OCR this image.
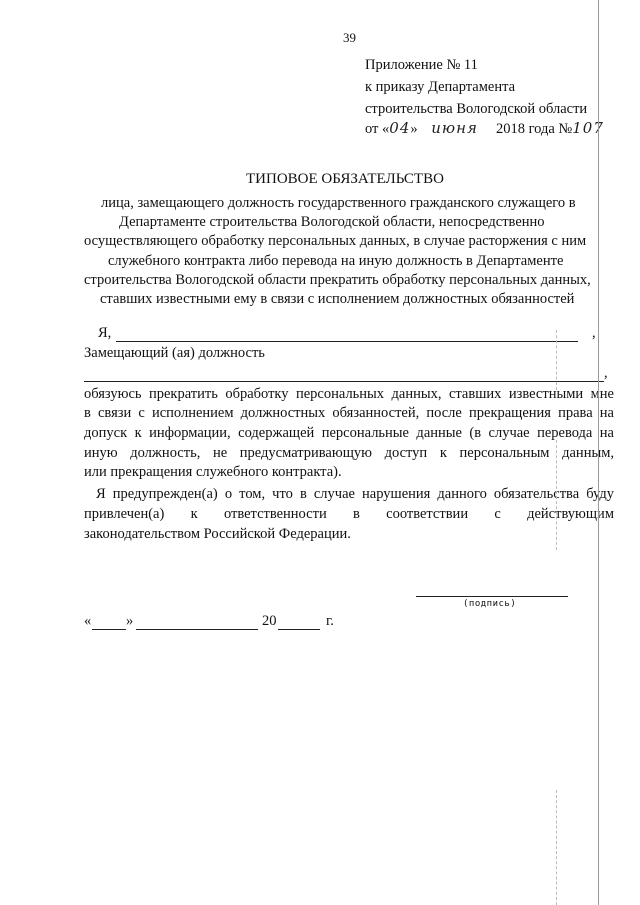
39
Приложение № 11
к приказу Департамента
строительства Вологодской области
от «04» июня 2018 года №107
ТИПОВОЕ ОБЯЗАТЕЛЬСТВО
лица, замещающего должность государственного гражданского служащего в
Департаменте строительства Вологодской области, непосредственно
осуществляющего обработку персональных данных, в случае расторжения с ним
служебного контракта либо перевода на иную должность в Департаменте
строительства Вологодской области прекратить обработку персональных данных,
ставших известными ему в связи с исполнением должностных обязанностей
Я,	,
Замещающий (ая) должность
,
обязуюсь прекратить обработку персональных данных, ставших известными мне
в связи с исполнением должностных обязанностей, после прекращения права на
допуск к информации, содержащей персональные данные (в случае перевода на
иную должность, не предусматривающую доступ к персональным данным,
или прекращения служебного контракта).
Я предупрежден(а) о том, что в случае нарушения данного обязательства буду
привлечен(а) к ответственности в соответствии с действующим
законодательством Российской Федерации.
(подпись)
« »	20	г.
